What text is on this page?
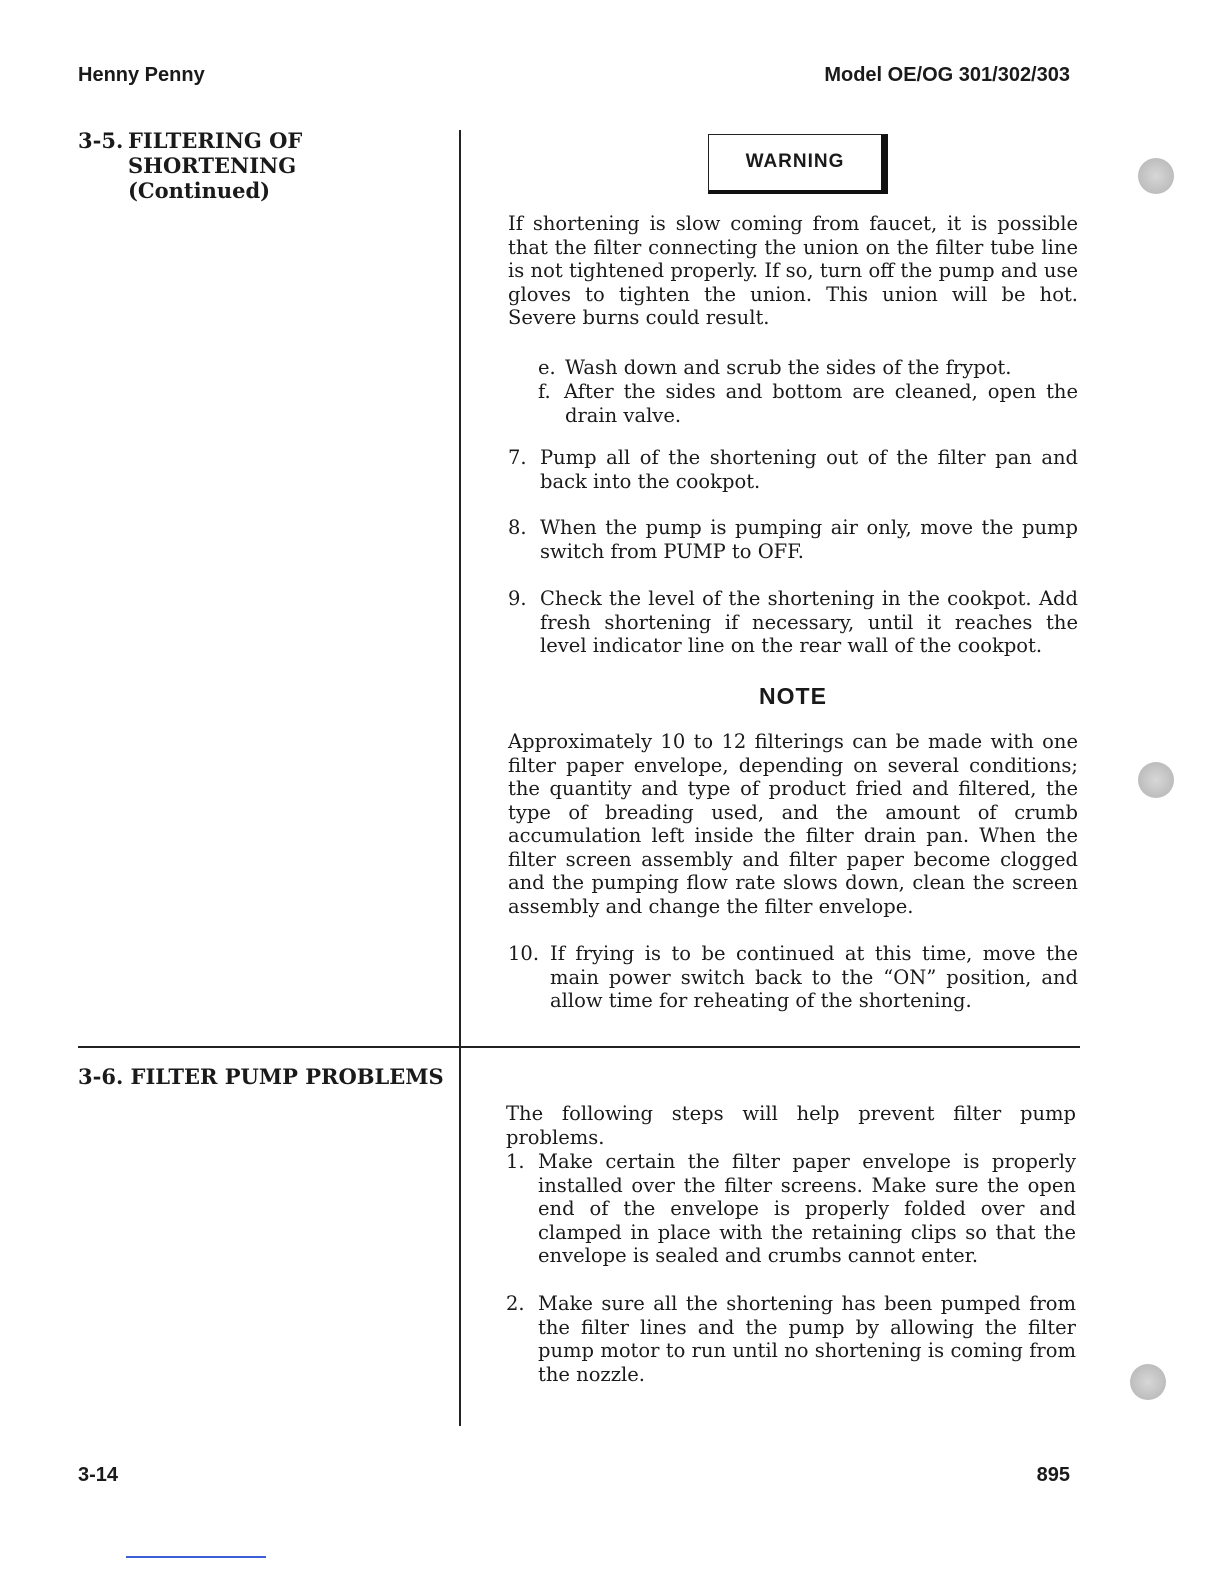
Henny Penny	Model OE/OG 301/302/303
3-5. FILTERING OF
SHORTENING
(Continued)
WARNING
If shortening is slow coming from faucet, it is possible that the filter connecting the union on the filter tube line is not tightened properly. If so, turn off the pump and use gloves to tighten the union. This union will be hot. Severe burns could result.
e. Wash down and scrub the sides of the frypot.
f. After the sides and bottom are cleaned, open the drain valve.
7. Pump all of the shortening out of the filter pan and back into the cookpot.
8. When the pump is pumping air only, move the pump switch from PUMP to OFF.
9. Check the level of the shortening in the cookpot. Add fresh shortening if necessary, until it reaches the level indicator line on the rear wall of the cookpot.
NOTE
Approximately 10 to 12 filterings can be made with one filter paper envelope, depending on several conditions; the quantity and type of product fried and filtered, the type of breading used, and the amount of crumb accumulation left inside the filter drain pan. When the filter screen assembly and filter paper become clogged and the pumping flow rate slows down, clean the screen assembly and change the filter envelope.
10. If frying is to be continued at this time, move the main power switch back to the “ON” position, and allow time for reheating of the shortening.
3-6. FILTER PUMP PROBLEMS
The following steps will help prevent filter pump problems.
1. Make certain the filter paper envelope is properly installed over the filter screens. Make sure the open end of the envelope is properly folded over and clamped in place with the retaining clips so that the envelope is sealed and crumbs cannot enter.
2. Make sure all the shortening has been pumped from the filter lines and the pump by allowing the filter pump motor to run until no shortening is coming from the nozzle.
3-14	895
